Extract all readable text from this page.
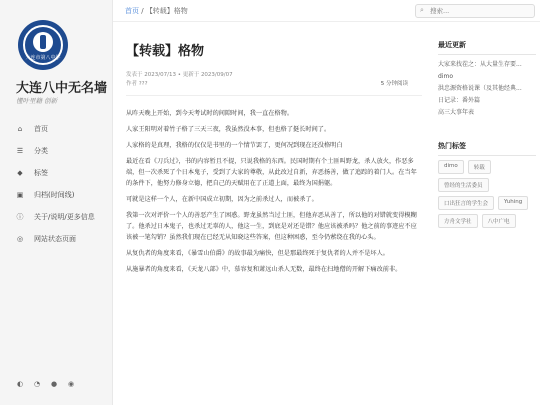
大连市第八中学
大连八中无名墙
懂叶里籍 创新
⌂ 首页
☰ 分类
◆ 标签
▣ 归档(时间线)
ⓘ 关于/说明/更多信息
◎ 网站状态页面
◐ ◔ ● ◉
首页 / 【转载】格物	⌕
搜索...
【转载】格物
发表于 2023/07/13 • 更新于 2023/09/07
作者 ???	5 分钟阅读

从昨天晚上开始，到今天考试时的间隙时间，我一直在格物。

人家王阳明对着竹子格了三天三夜，我虽然没本事，但也格了挺长时间了。

人家格的是真理，我格的仅仅是书里的一个情节罢了，更何况到现在还没格明白

最近在看《刀兵过》，书的内容暂且不提，只说我格的东西。民国时期有个土匪叫野龙，杀人放火，作恶多端，但一次杀死了个日本鬼子，受到了大家的尊敬，从此改过自新，弃恶扬善，做了追踪的着门人。在当年的条件下，他努力修身立德，把自己的天赋用在了正道上面，最终为国捐躯。

可就是这样一个人，在新中国成立初期，因为之前杀过人，而被杀了。

我第一次对评价一个人的善恶产生了困惑。野龙虽然当过土匪，但他弃恶从善了，所以他的对错就变得模糊了。他杀过日本鬼子，也杀过无辜的人，他这一生，到底是对还是错？他应该被杀吗？他之前的事迹应不应该被一笔勾销？虽然我们现在已经无从知晓这些答案，但这种困惑，至今仍萦绕在我的心头。

从复仇者的角度来看，《暴雪山伯爵》的故事最为痛快，但是那最终死于复仇者的人并不是坏人。

从施暴者的角度来看，《天龙八部》中，慕容复和萧远山杀人无数，最终在扫地僧的开解下痛改前非。

最近更新
大家来找茬之：从大量生存要...
dimo
洪忠源资格说课（及其他经典...
日记录：番外篇
高三大事年表
热门标签
dimo	转载
曾经的生活委员
口出狂言的学生会	Yuhing
方舟文学社	八中广电
